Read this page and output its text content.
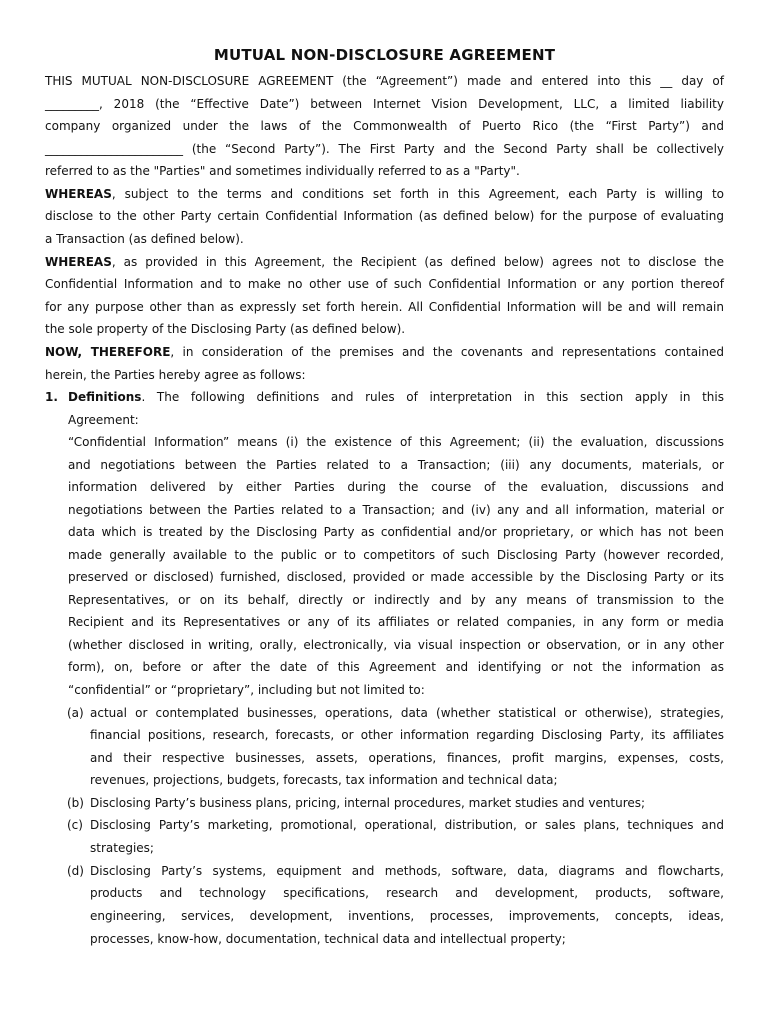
MUTUAL NON-DISCLOSURE AGREEMENT
THIS MUTUAL NON-DISCLOSURE AGREEMENT (the “Agreement”) made and entered into this __ day of
_________, 2018 (the “Effective Date”) between Internet Vision Development, LLC, a limited liability
company organized under the laws of the Commonwealth of Puerto Rico (the “First Party”) and
_______________________ (the “Second Party”). The First Party and the Second Party shall be collectively
referred to as the "Parties" and sometimes individually referred to as a "Party".
WHEREAS, subject to the terms and conditions set forth in this Agreement, each Party is willing to
disclose to the other Party certain Confidential Information (as defined below) for the purpose of evaluating
a Transaction (as defined below).
WHEREAS, as provided in this Agreement, the Recipient (as defined below) agrees not to disclose the
Confidential Information and to make no other use of such Confidential Information or any portion thereof
for any purpose other than as expressly set forth herein. All Confidential Information will be and will remain
the sole property of the Disclosing Party (as defined below).
NOW, THEREFORE, in consideration of the premises and the covenants and representations contained
herein, the Parties hereby agree as follows:
1. Definitions. The following definitions and rules of interpretation in this section apply in this
Agreement:
“Confidential Information” means (i) the existence of this Agreement; (ii) the evaluation, discussions
and negotiations between the Parties related to a Transaction; (iii) any documents, materials, or
information delivered by either Parties during the course of the evaluation, discussions and
negotiations between the Parties related to a Transaction; and (iv) any and all information, material or
data which is treated by the Disclosing Party as confidential and/or proprietary, or which has not been
made generally available to the public or to competitors of such Disclosing Party (however recorded,
preserved or disclosed) furnished, disclosed, provided or made accessible by the Disclosing Party or its
Representatives, or on its behalf, directly or indirectly and by any means of transmission to the
Recipient and its Representatives or any of its affiliates or related companies, in any form or media
(whether disclosed in writing, orally, electronically, via visual inspection or observation, or in any other
form), on, before or after the date of this Agreement and identifying or not the information as
“confidential” or “proprietary”, including but not limited to:
(a) actual or contemplated businesses, operations, data (whether statistical or otherwise), strategies,
financial positions, research, forecasts, or other information regarding Disclosing Party, its affiliates
and their respective businesses, assets, operations, finances, profit margins, expenses, costs,
revenues, projections, budgets, forecasts, tax information and technical data;
(b) Disclosing Party’s business plans, pricing, internal procedures, market studies and ventures;
(c) Disclosing Party’s marketing, promotional, operational, distribution, or sales plans, techniques and
strategies;
(d) Disclosing Party’s systems, equipment and methods, software, data, diagrams and flowcharts,
products and technology specifications, research and development, products, software,
engineering, services, development, inventions, processes, improvements, concepts, ideas,
processes, know-how, documentation, technical data and intellectual property;
